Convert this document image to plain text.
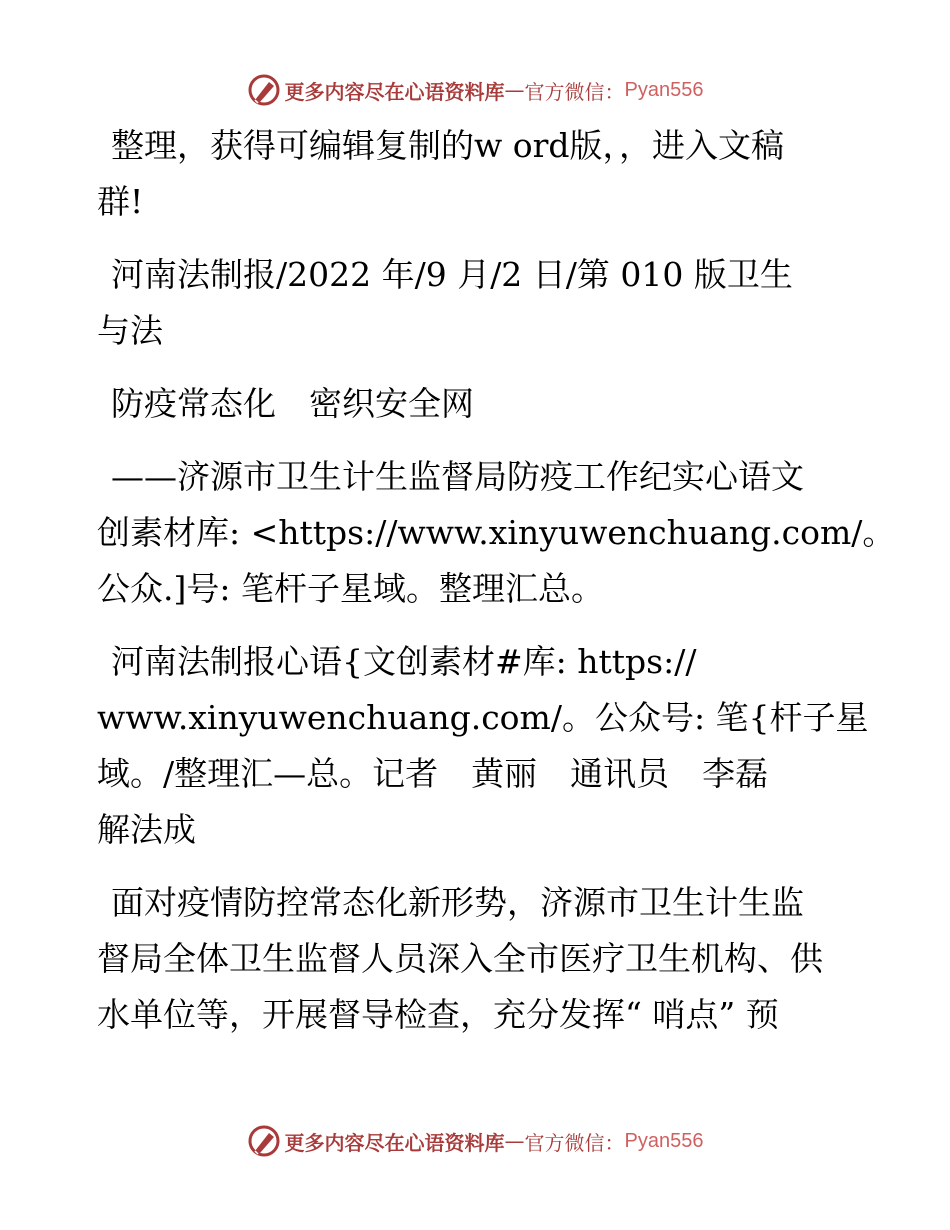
更多内容尽在心语资料库 — 官方微信： Pyan556
整理，获得可编辑复制的w ord版，，进入文稿
群!
河南法制报/2022 年/9 月/2 日/第 010 版卫生
与法
防疫常态化　密织安全网
——济源市卫生计生监督局防疫工作纪实心语文
创素材库: <https://www.xinyuwenchuang.com/。
公众.]号: 笔杆子星域。整理汇总。
河南法制报心语{文创素材#库: https://
www.xinyuwenchuang.com/。公众号: 笔{杆子星
域。/整理汇—总。记者　黄丽　通讯员　李磊
解法成
面对疫情防控常态化新形势，济源市卫生计生监
督局全体卫生监督人员深入全市医疗卫生机构、供
水单位等，开展督导检查，充分发挥“ 哨点” 预
更多内容尽在心语资料库 — 官方微信： Pyan556
